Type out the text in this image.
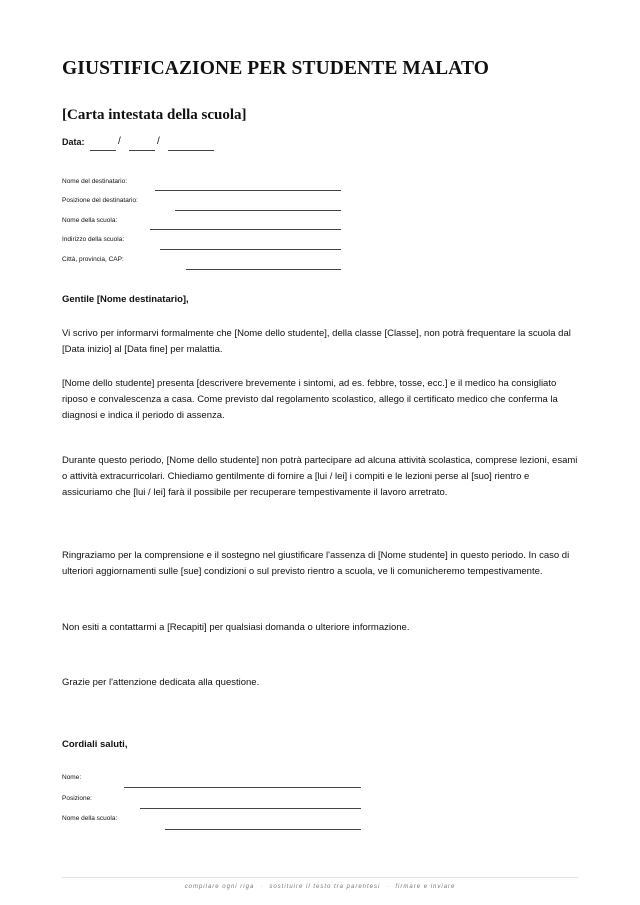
GIUSTIFICAZIONE PER STUDENTE MALATO
[Carta intestata della scuola]
Data:	/	/
Nome del destinatario:
Posizione del destinatario:
Nome della scuola:
Indirizzo della scuola:
Città, provincia, CAP:
Gentile [Nome destinatario],
Vi scrivo per informarvi formalmente che [Nome dello studente], della classe [Classe], non potrà frequentare la scuola dal [Data inizio] al [Data fine] per malattia.
[Nome dello studente] presenta [descrivere brevemente i sintomi, ad es. febbre, tosse, ecc.] e il medico ha consigliato riposo e convalescenza a casa. Come previsto dal regolamento scolastico, allego il certificato medico che conferma la diagnosi e indica il periodo di assenza.
Durante questo periodo, [Nome dello studente] non potrà partecipare ad alcuna attività scolastica, comprese lezioni, esami o attività extracurricolari. Chiediamo gentilmente di fornire a [lui / lei] i compiti e le lezioni perse al [suo] rientro e assicuriamo che [lui / lei] farà il possibile per recuperare tempestivamente il lavoro arretrato.
Ringraziamo per la comprensione e il sostegno nel giustificare l'assenza di [Nome studente] in questo periodo. In caso di ulteriori aggiornamenti sulle [sue] condizioni o sul previsto rientro a scuola, ve li comunicheremo tempestivamente.
Non esiti a contattarmi a [Recapiti] per qualsiasi domanda o ulteriore informazione.
Grazie per l'attenzione dedicata alla questione.
Cordiali saluti,
Nome:
Posizione:
Nome della scuola:
compilare ogni riga · sostituire il testo tra parentesi · firmare e inviare
